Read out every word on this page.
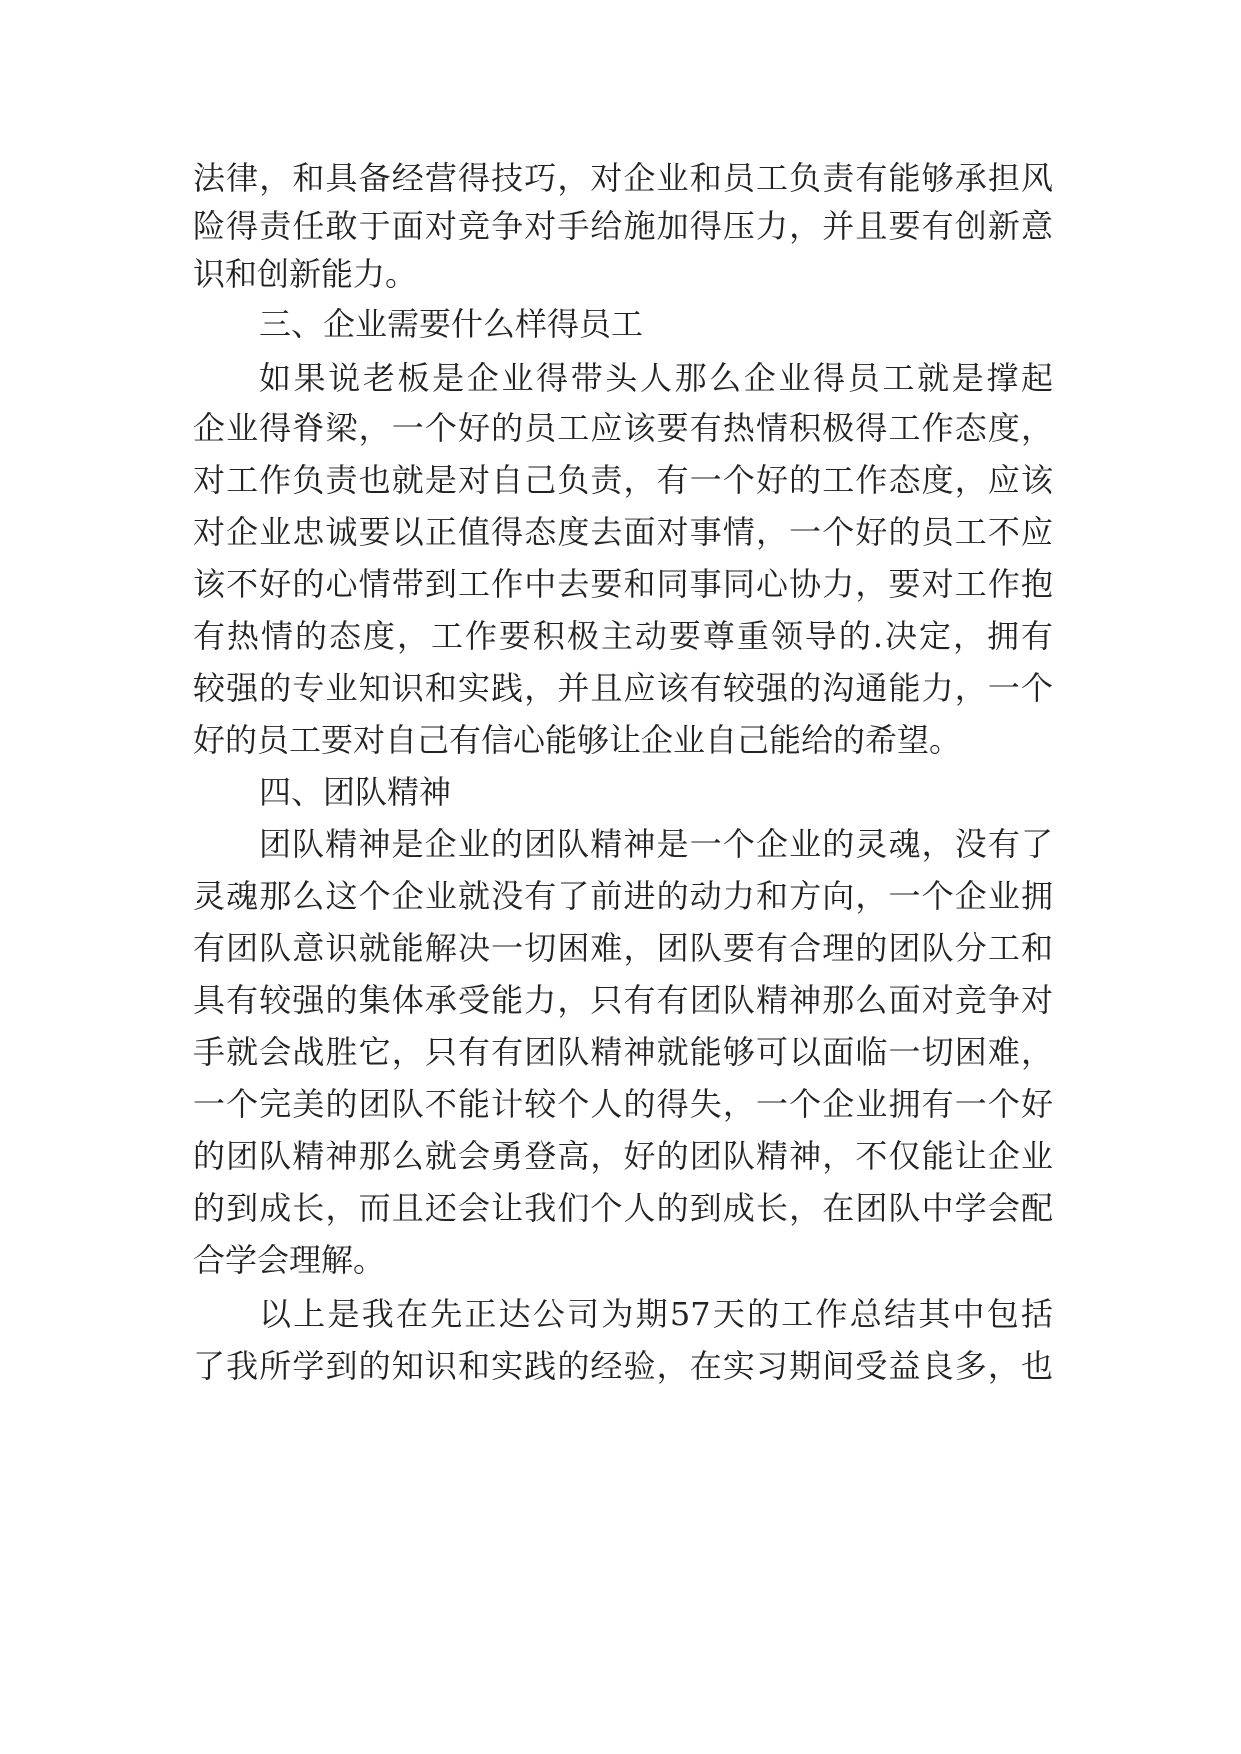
法律，和具备经营得技巧，对企业和员工负责有能够承担风
险得责任敢于面对竞争对手给施加得压力，并且要有创新意
识和创新能力。
三、企业需要什么样得员工
如果说老板是企业得带头人那么企业得员工就是撑起
企业得脊梁，一个好的员工应该要有热情积极得工作态度，
对工作负责也就是对自己负责，有一个好的工作态度，应该
对企业忠诚要以正值得态度去面对事情，一个好的员工不应
该不好的心情带到工作中去要和同事同心协力，要对工作抱
有热情的态度，工作要积极主动要尊重领导的.决定，拥有
较强的专业知识和实践，并且应该有较强的沟通能力，一个
好的员工要对自己有信心能够让企业自己能给的希望。
四、团队精神
团队精神是企业的团队精神是一个企业的灵魂，没有了
灵魂那么这个企业就没有了前进的动力和方向，一个企业拥
有团队意识就能解决一切困难，团队要有合理的团队分工和
具有较强的集体承受能力，只有有团队精神那么面对竞争对
手就会战胜它，只有有团队精神就能够可以面临一切困难，
一个完美的团队不能计较个人的得失，一个企业拥有一个好
的团队精神那么就会勇登高，好的团队精神，不仅能让企业
的到成长，而且还会让我们个人的到成长，在团队中学会配
合学会理解。
以上是我在先正达公司为期57天的工作总结其中包括
了我所学到的知识和实践的经验，在实习期间受益良多，也
